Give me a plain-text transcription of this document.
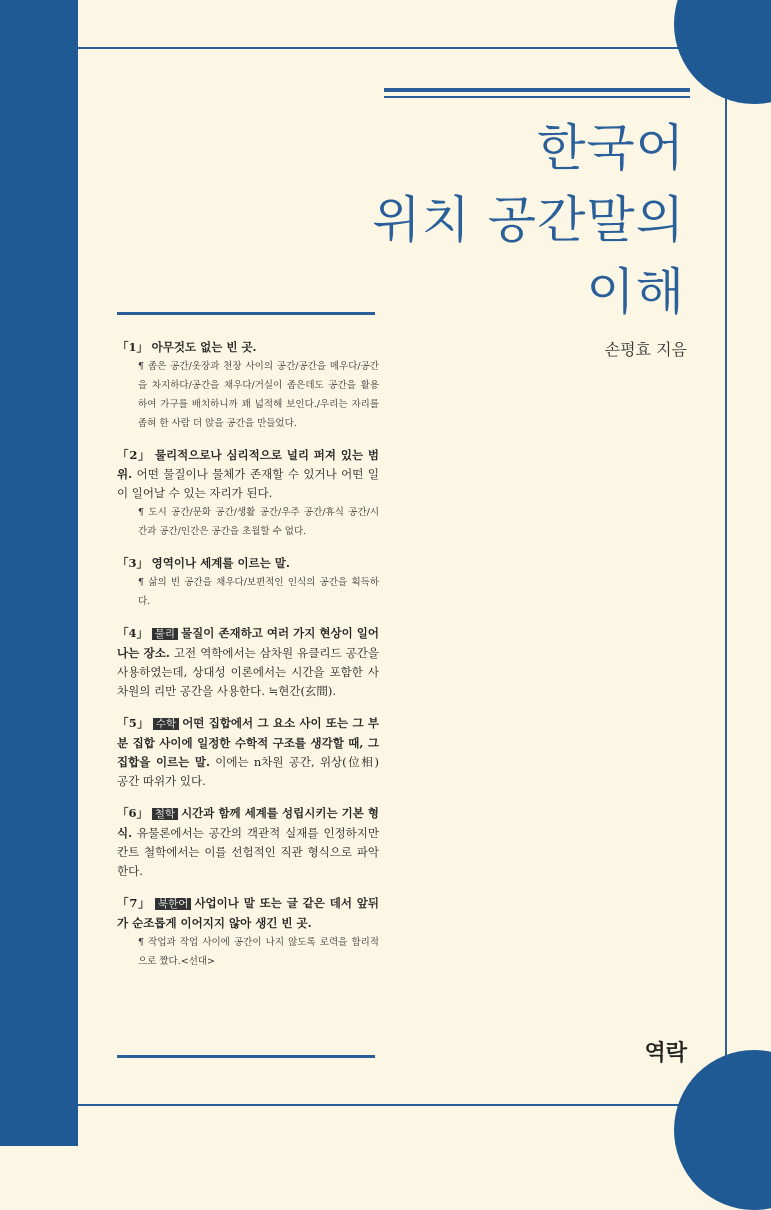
한국어
위치 공간말의
이해
손평효 지음
「1」 아무것도 없는 빈 곳.
¶ 좁은 공간/옷장과 천장 사이의 공간/공간을 메우다/공간을 차지하다/공간을 채우다/거실이 좁은데도 공간을 활용하여 가구를 배치하니까 꽤 넓적해 보인다./우리는 자리를 좁혀 한 사람 더 앉을 공간을 만들었다.
「2」 물리적으로나 심리적으로 널리 퍼져 있는 범위. 어떤 물질이나 물체가 존재할 수 있거나 어떤 일이 일어날 수 있는 자리가 된다.
¶ 도시 공간/문화 공간/생활 공간/우주 공간/휴식 공간/시간과 공간/인간은 공간을 초월할 수 없다.
「3」 영역이나 세계를 이르는 말.
¶ 삶의 빈 공간을 채우다/보편적인 인식의 공간을 획득하다.
「4」 물리 물질이 존재하고 여러 가지 현상이 일어나는 장소. 고전 역학에서는 삼차원 유클리드 공간을 사용하였는데, 상대성 이론에서는 시간을 포함한 사차원의 리만 공간을 사용한다. ≒현간(玄間).
「5」 수학 어떤 집합에서 그 요소 사이 또는 그 부분 집합 사이에 일정한 수학적 구조를 생각할 때, 그 집합을 이르는 말. 이에는 n차원 공간, 위상(位相) 공간 따위가 있다.
「6」 철학 시간과 함께 세계를 성립시키는 기본 형식. 유물론에서는 공간의 객관적 실재를 인정하지만 칸트 철학에서는 이를 선험적인 직관 형식으로 파악한다.
「7」 북한어 사업이나 말 또는 글 같은 데서 앞뒤가 순조롭게 이어지지 않아 생긴 빈 곳.
¶ 작업과 작업 사이에 공간이 나지 않도록 로력을 합리적으로 짰다.<선대>
역락
